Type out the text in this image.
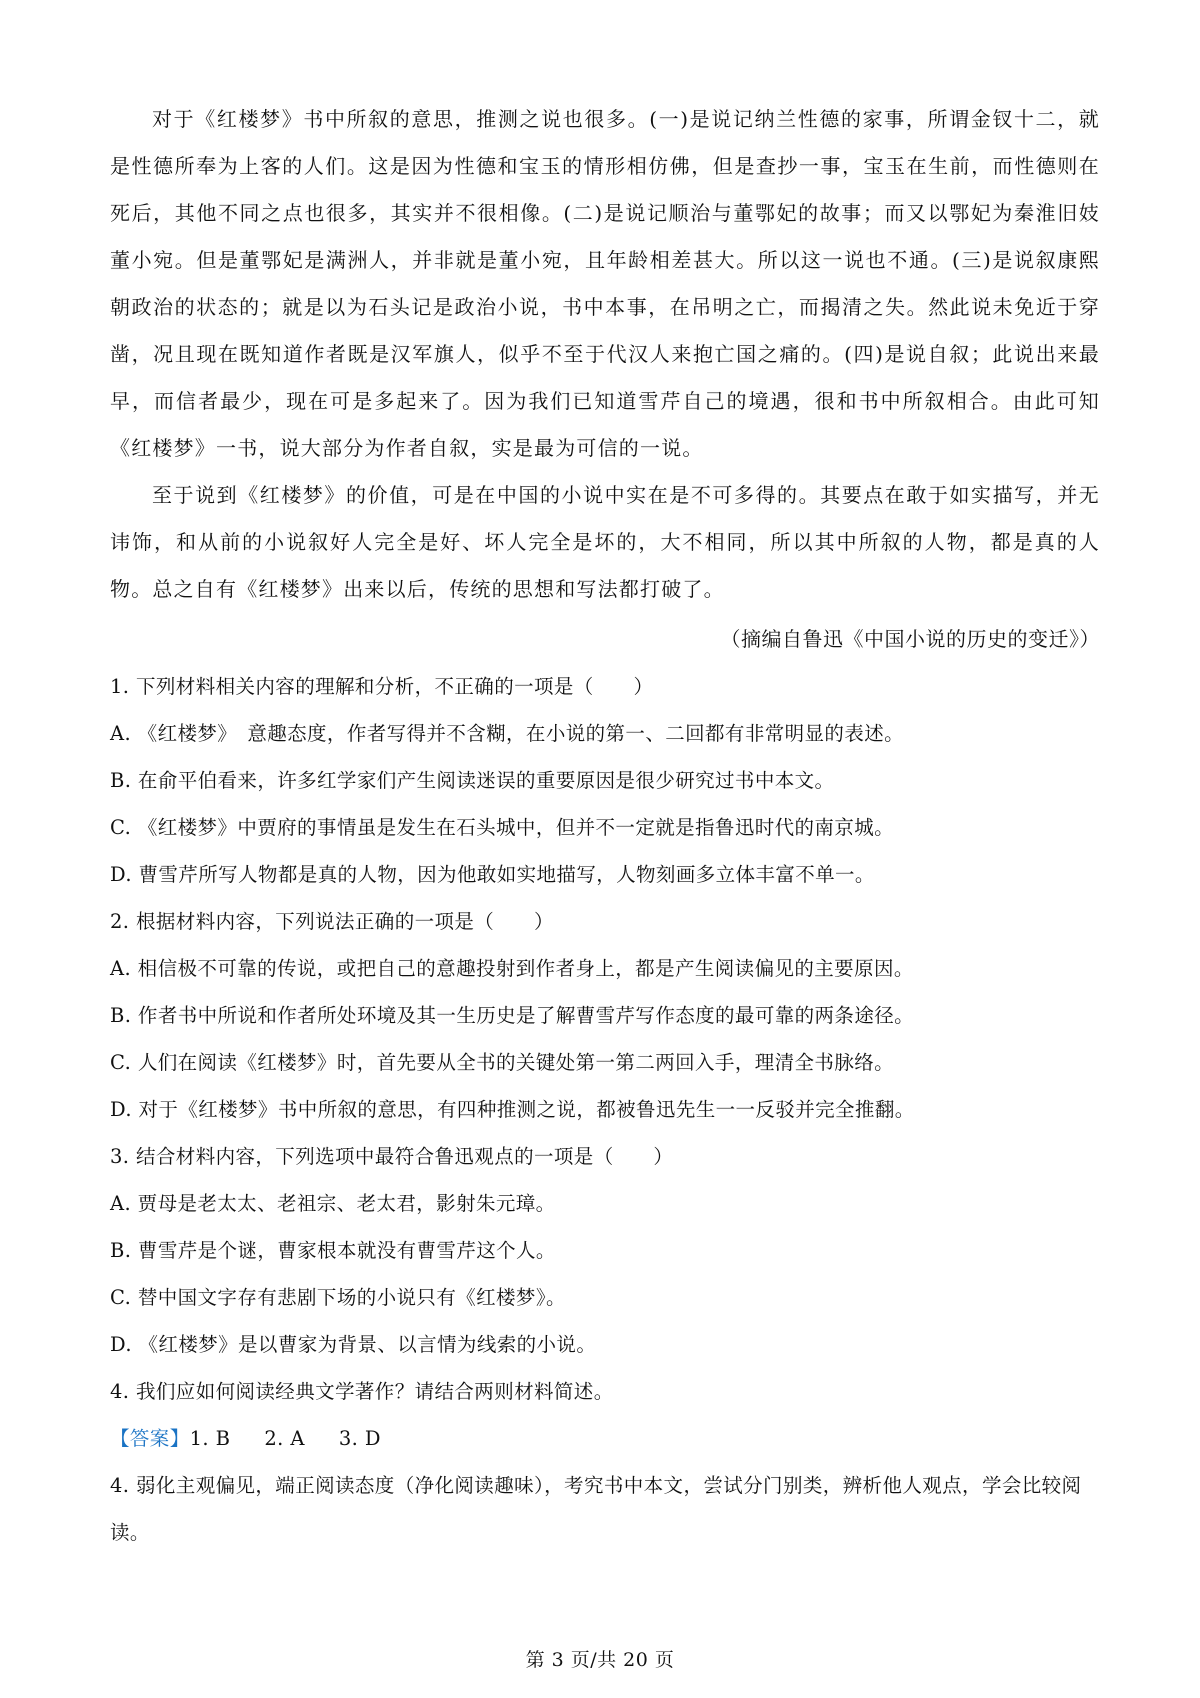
对于《红楼梦》书中所叙的意思，推测之说也很多。(一)是说记纳兰性德的家事，所谓金钗十二，就是性德所奉为上客的人们。这是因为性德和宝玉的情形相仿佛，但是查抄一事，宝玉在生前，而性德则在死后，其他不同之点也很多，其实并不很相像。(二)是说记顺治与董鄂妃的故事；而又以鄂妃为秦淮旧妓董小宛。但是董鄂妃是满洲人，并非就是董小宛，且年龄相差甚大。所以这一说也不通。(三)是说叙康熙朝政治的状态的；就是以为石头记是政治小说，书中本事，在吊明之亡，而揭清之失。然此说未免近于穿凿，况且现在既知道作者既是汉军旗人，似乎不至于代汉人来抱亡国之痛的。(四)是说自叙；此说出来最早，而信者最少，现在可是多起来了。因为我们已知道雪芹自己的境遇，很和书中所叙相合。由此可知《红楼梦》一书，说大部分为作者自叙，实是最为可信的一说。

至于说到《红楼梦》的价值，可是在中国的小说中实在是不可多得的。其要点在敢于如实描写，并无讳饰，和从前的小说叙好人完全是好、坏人完全是坏的，大不相同，所以其中所叙的人物，都是真的人物。总之自有《红楼梦》出来以后，传统的思想和写法都打破了。

（摘编自鲁迅《中国小说的历史的变迁》）

1. 下列材料相关内容的理解和分析，不正确的一项是（　　）

A. 《红楼梦》　意趣态度，作者写得并不含糊，在小说的第一、二回都有非常明显的表述。

B. 在俞平伯看来，许多红学家们产生阅读迷误的重要原因是很少研究过书中本文。

C. 《红楼梦》中贾府的事情虽是发生在石头城中，但并不一定就是指鲁迅时代的南京城。

D. 曹雪芹所写人物都是真的人物，因为他敢如实地描写，人物刻画多立体丰富不单一。

2. 根据材料内容，下列说法正确的一项是（　　）

A. 相信极不可靠的传说，或把自己的意趣投射到作者身上，都是产生阅读偏见的主要原因。

B. 作者书中所说和作者所处环境及其一生历史是了解曹雪芹写作态度的最可靠的两条途径。

C. 人们在阅读《红楼梦》时，首先要从全书的关键处第一第二两回入手，理清全书脉络。

D. 对于《红楼梦》书中所叙的意思，有四种推测之说，都被鲁迅先生一一反驳并完全推翻。

3. 结合材料内容，下列选项中最符合鲁迅观点的一项是（　　）

A. 贾母是老太太、老祖宗、老太君，影射朱元璋。

B. 曹雪芹是个谜，曹家根本就没有曹雪芹这个人。

C. 替中国文字存有悲剧下场的小说只有《红楼梦》。

D. 《红楼梦》是以曹家为背景、以言情为线索的小说。

4. 我们应如何阅读经典文学著作？请结合两则材料简述。

【答案】1. B 2. A 3. D

4. 弱化主观偏见，端正阅读态度（净化阅读趣味），考究书中本文，尝试分门别类，辨析他人观点，学会比较阅读。

第 3 页/共 20 页
